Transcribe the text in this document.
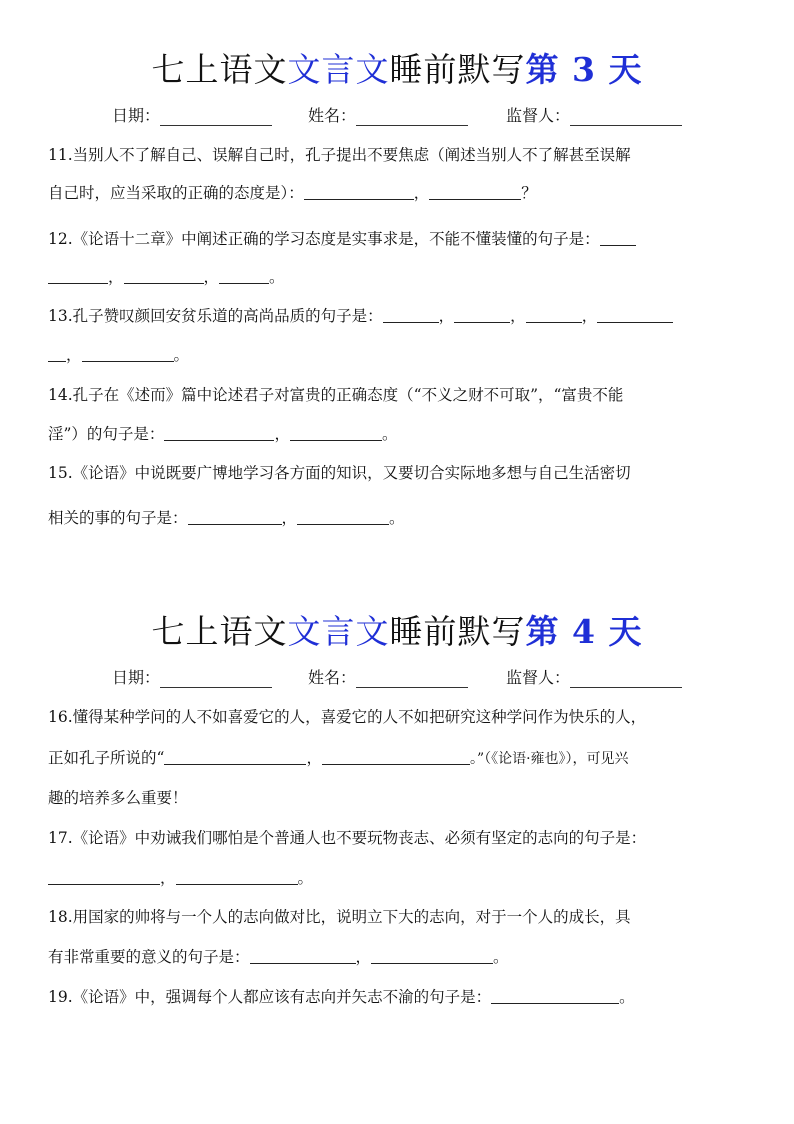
七上语文文言文睡前默写第 3 天
日期：	姓名：	监督人：
11.当别人不了解自己、误解自己时，孔子提出不要焦虑（阐述当别人不了解甚至误解
自己时，应当采取的正确的态度是）：	，	？
12.《论语十二章》中阐述正确的学习态度是实事求是，不能不懂装懂的句子是：
，	，	。
13.孔子赞叹颜回安贫乐道的高尚品质的句子是：	，	，	，
，	。
14.孔子在《述而》篇中论述君子对富贵的正确态度（“不义之财不可取”，“富贵不能
淫”）的句子是：	，	。
15.《论语》中说既要广博地学习各方面的知识，又要切合实际地多想与自己生活密切
相关的事的句子是：	，	。
七上语文文言文睡前默写第 4 天
日期：	姓名：	监督人：
16.懂得某种学问的人不如喜爱它的人，喜爱它的人不如把研究这种学问作为快乐的人，
正如孔子所说的“	，	。”（《论语·雍也》），可见兴
趣的培养多么重要！
17.《论语》中劝诫我们哪怕是个普通人也不要玩物丧志、必须有坚定的志向的句子是：
，	。
18.用国家的帅将与一个人的志向做对比，说明立下大的志向，对于一个人的成长，具
有非常重要的意义的句子是：	，	。
19.《论语》中，强调每个人都应该有志向并矢志不渝的句子是：	。
